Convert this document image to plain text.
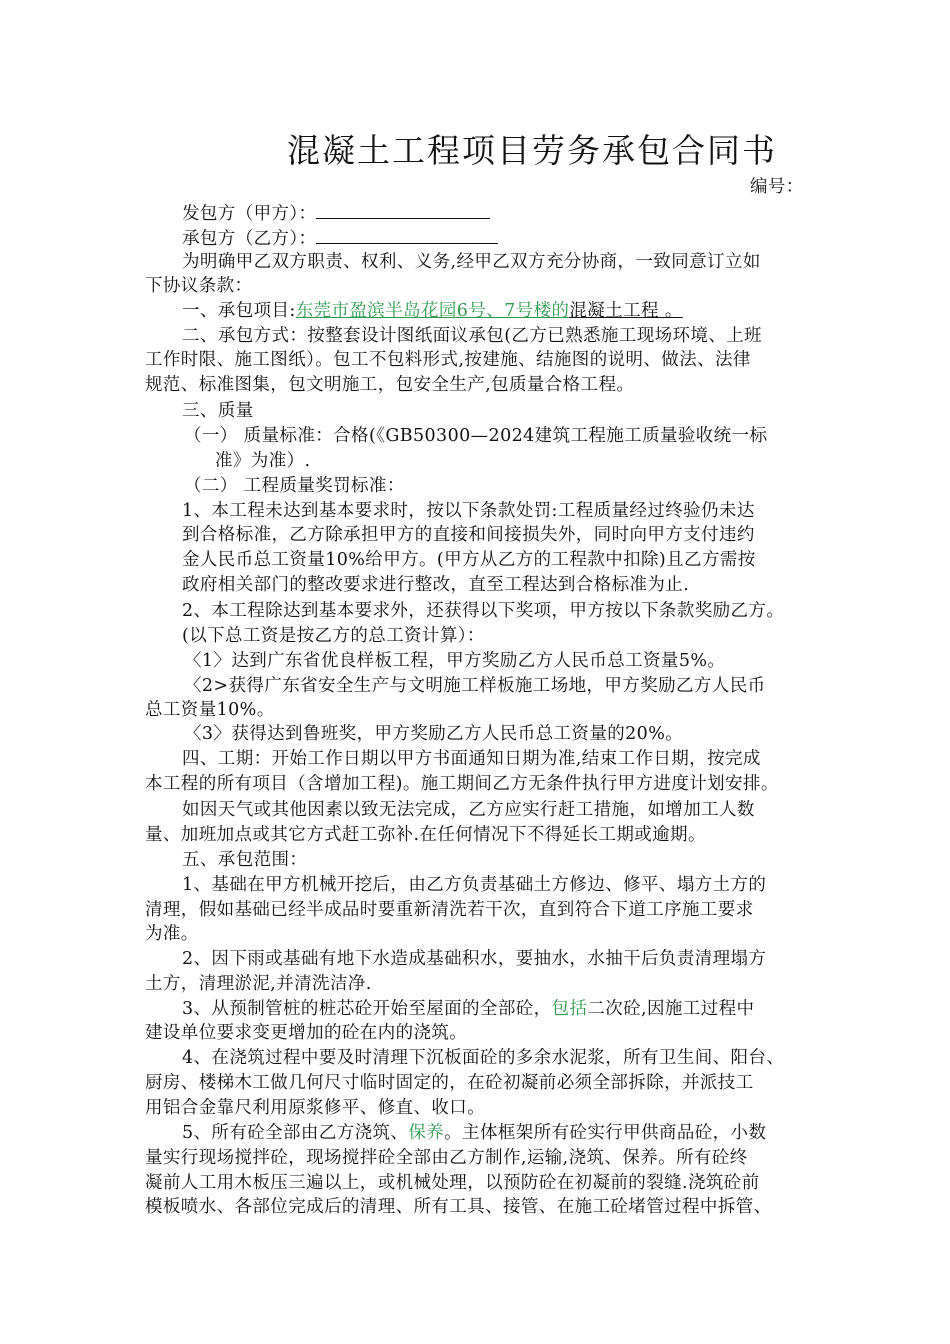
混凝土工程项目劳务承包合同书
编号：
发包方（甲方）：
承包方（乙方）：
为明确甲乙双方职责、权利、义务,经甲乙双方充分协商，一致同意订立如
下协议条款：
一、承包项目:东莞市盈滨半岛花园6号、7号楼的混凝土工程 。
二、承包方式：按整套设计图纸面议承包(乙方已熟悉施工现场环境、上班
工作时限、施工图纸）。包工不包料形式,按建施、结施图的说明、做法、法律
规范、标准图集，包文明施工，包安全生产,包质量合格工程。
三、质量
（一） 质量标准：合格(《GB50300—2024建筑工程施工质量验收统一标
准》为准）.
（二） 工程质量奖罚标准：
1、本工程未达到基本要求时，按以下条款处罚:工程质量经过终验仍未达
到合格标准，乙方除承担甲方的直接和间接损失外，同时向甲方支付违约
金人民币总工资量10%给甲方。(甲方从乙方的工程款中扣除)且乙方需按
政府相关部门的整改要求进行整改，直至工程达到合格标准为止.
2、本工程除达到基本要求外，还获得以下奖项，甲方按以下条款奖励乙方。
(以下总工资是按乙方的总工资计算）：
〈1〉达到广东省优良样板工程，甲方奖励乙方人民币总工资量5%。
〈2>获得广东省安全生产与文明施工样板施工场地，甲方奖励乙方人民币
总工资量10%。
〈3〉获得达到鲁班奖，甲方奖励乙方人民币总工资量的20%。
四、工期：开始工作日期以甲方书面通知日期为准,结束工作日期，按完成
本工程的所有项目（含增加工程)。施工期间乙方无条件执行甲方进度计划安排。
如因天气或其他因素以致无法完成，乙方应实行赶工措施，如增加工人数
量、加班加点或其它方式赶工弥补.在任何情况下不得延长工期或逾期。
五、承包范围：
1、基础在甲方机械开挖后，由乙方负责基础土方修边、修平、塌方土方的
清理，假如基础已经半成品时要重新清洗若干次，直到符合下道工序施工要求
为准。
2、因下雨或基础有地下水造成基础积水，要抽水，水抽干后负责清理塌方
土方，清理淤泥,并清洗洁净.
3、从预制管桩的桩芯砼开始至屋面的全部砼，包括二次砼,因施工过程中
建设单位要求变更增加的砼在内的浇筑。
4、在浇筑过程中要及时清理下沉板面砼的多余水泥浆，所有卫生间、阳台、
厨房、楼梯木工做几何尺寸临时固定的，在砼初凝前必须全部拆除，并派技工
用铝合金靠尺利用原浆修平、修直、收口。
5、所有砼全部由乙方浇筑、保养。主体框架所有砼实行甲供商品砼，小数
量实行现场搅拌砼，现场搅拌砼全部由乙方制作,运输,浇筑、保养。所有砼终
凝前人工用木板压三遍以上，或机械处理，以预防砼在初凝前的裂缝.浇筑砼前
模板喷水、各部位完成后的清理、所有工具、接管、在施工砼堵管过程中拆管、
